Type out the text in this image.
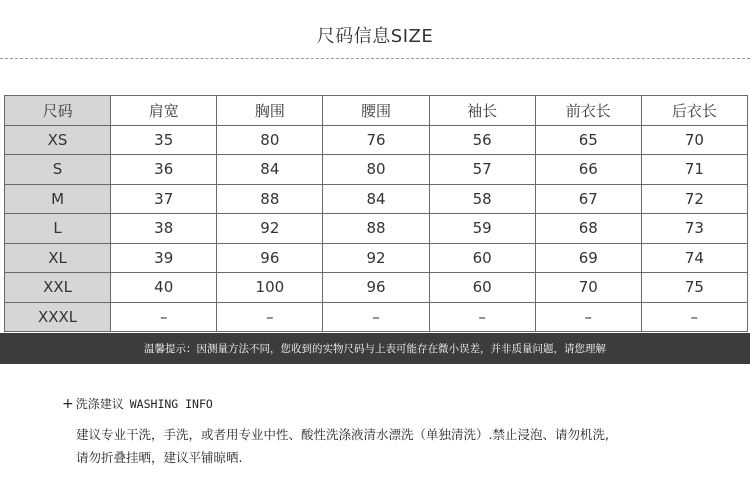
尺码信息SIZE
尺码	肩宽	胸围	腰围	袖长	前衣长	后衣长
XS	35	80	76	56	65	70
S	36	84	80	57	66	71
M	37	88	84	58	67	72
L	38	92	88	59	68	73
XL	39	96	92	60	69	74
XXL	40	100	96	60	70	75
XXXL	–	–	–	–	–	–
温馨提示：因测量方法不同，您收到的实物尺码与上表可能存在微小误差，并非质量问题，请您理解
+ 洗涤建议 WASHING INFO

建议专业干洗，手洗，或者用专业中性、酸性洗涤液清水漂洗（单独清洗）.禁止浸泡、请勿机洗,

请勿折叠挂晒，建议平铺晾晒.
